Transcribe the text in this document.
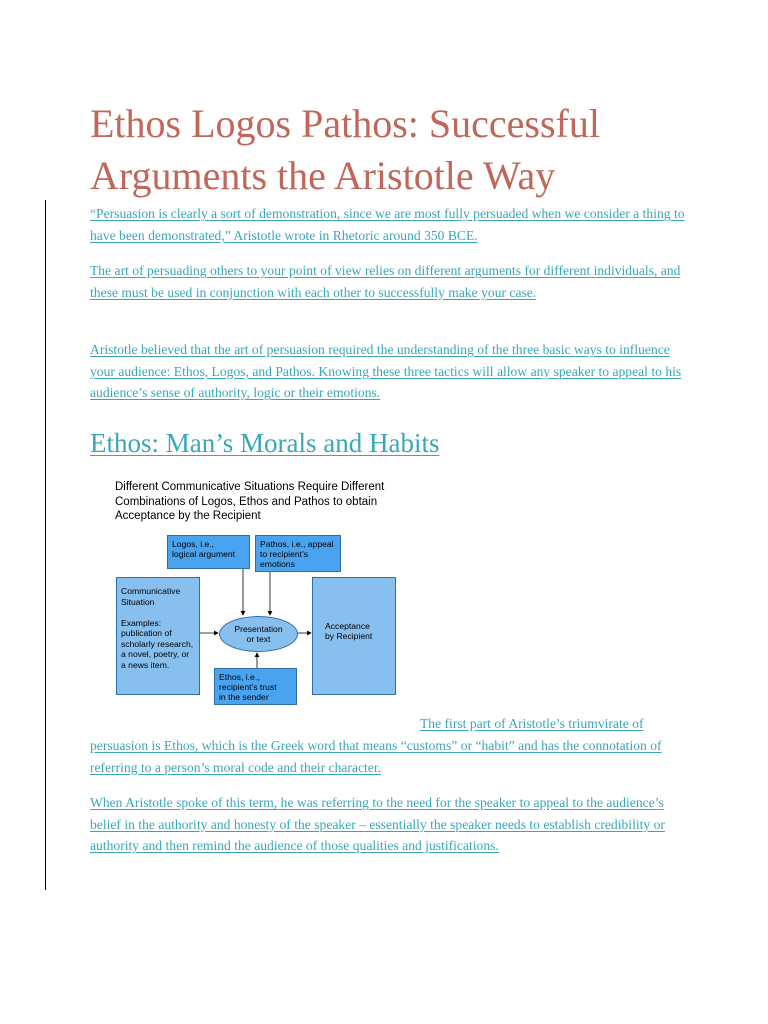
Ethos Logos Pathos: Successful Arguments the Aristotle Way

“Persuasion is clearly a sort of demonstration, since we are most fully persuaded when we consider a thing to have been demonstrated,” Aristotle wrote in Rhetoric around 350 BCE.

The art of persuading others to your point of view relies on different arguments for different individuals, and these must be used in conjunction with each other to successfully make your case.

Aristotle believed that the art of persuasion required the understanding of the three basic ways to influence your audience: Ethos, Logos, and Pathos. Knowing these three tactics will allow any speaker to appeal to his audience’s sense of authority, logic or their emotions.

Ethos: Man’s Morals and Habits
Different Communicative Situations Require Different
Combinations of Logos, Ethos and Pathos to obtain
Acceptance by the Recipient
Logos, i.e.,
logical argument
Pathos, i.e., appeal
to recipient’s
emotions
Communicative
Situation

Examples:
publication of
scholarly research,
a novel, poetry, or
a news item.
Presentation
or text
Acceptance
by Recipient
Ethos, i.e.,
recipient’s trust
in the sender

The first part of Aristotle’s triumvirate of

persuasion is Ethos, which is the Greek word that means “customs” or “habit” and has the connotation of referring to a person’s moral code and their character.

When Aristotle spoke of this term, he was referring to the need for the speaker to appeal to the audience’s belief in the authority and honesty of the speaker – essentially the speaker needs to establish credibility or authority and then remind the audience of those qualities and justifications.
